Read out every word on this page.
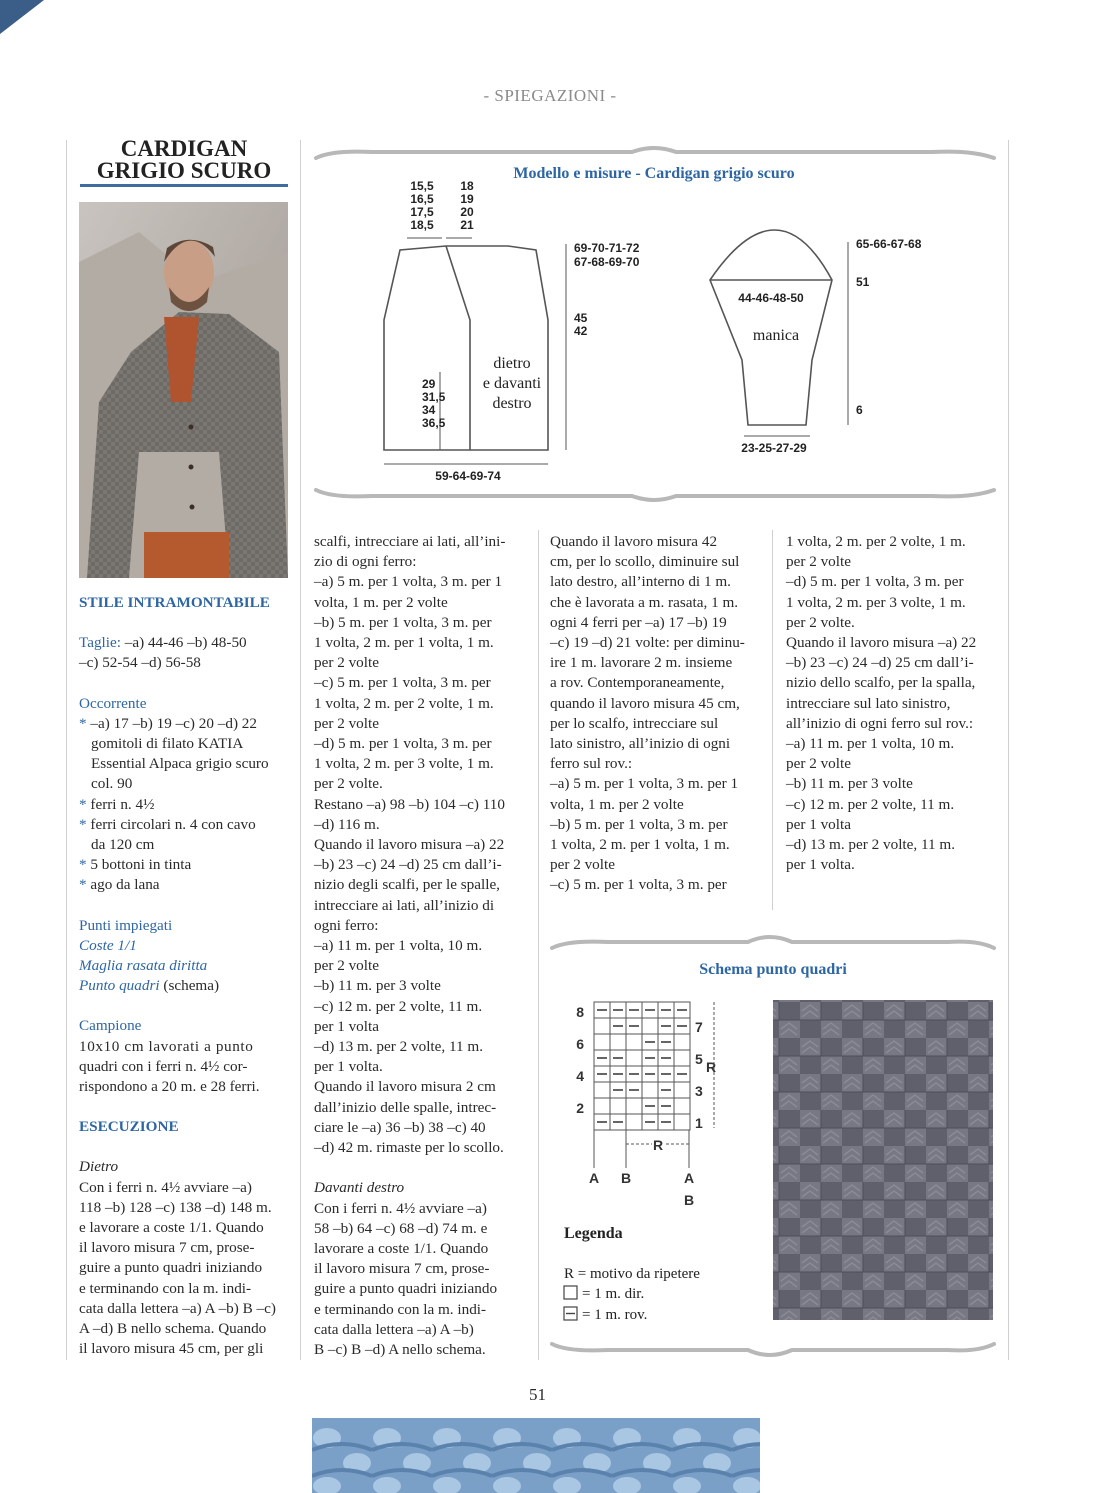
- SPIEGAZIONI -
CARDIGAN
GRIGIO SCURO

STILE INTRAMONTABILE

Taglie: –a) 44-46 –b) 48-50

–c) 52-54 –d) 56-58

Occorrente

* –a) 17 –b) 19 –c) 20 –d) 22

gomitoli di filato KATIA

Essential Alpaca grigio scuro

col. 90

* ferri n. 4½

* ferri circolari n. 4 con cavo

da 120 cm

* 5 bottoni in tinta

* ago da lana

Punti impiegati

Coste 1/1

Maglia rasata diritta

Punto quadri (schema)

Campione

10x10 cm lavorati a punto

quadri con i ferri n. 4½ cor-

rispondono a 20 m. e 28 ferri.

ESECUZIONE

Dietro

Con i ferri n. 4½ avviare –a)

118 –b) 128 –c) 138 –d) 148 m.

e lavorare a coste 1/1. Quando

il lavoro misura 7 cm, prose-

guire a punto quadri iniziando

e terminando con la m. indi-

cata dalla lettera –a) A –b) B –c)

A –d) B nello schema. Quando

il lavoro misura 45 cm, per gli

scalfi, intrecciare ai lati, all’ini-

zio di ogni ferro:

–a) 5 m. per 1 volta, 3 m. per 1

volta, 1 m. per 2 volte

–b) 5 m. per 1 volta, 3 m. per

1 volta, 2 m. per 1 volta, 1 m.

per 2 volte

–c) 5 m. per 1 volta, 3 m. per

1 volta, 2 m. per 2 volte, 1 m.

per 2 volte

–d) 5 m. per 1 volta, 3 m. per

1 volta, 2 m. per 3 volte, 1 m.

per 2 volte.

Restano –a) 98 –b) 104 –c) 110

–d) 116 m.

Quando il lavoro misura –a) 22

–b) 23 –c) 24 –d) 25 cm dall’i-

nizio degli scalfi, per le spalle,

intrecciare ai lati, all’inizio di

ogni ferro:

–a) 11 m. per 1 volta, 10 m.

per 2 volte

–b) 11 m. per 3 volte

–c) 12 m. per 2 volte, 11 m.

per 1 volta

–d) 13 m. per 2 volte, 11 m.

per 1 volta.

Quando il lavoro misura 2 cm

dall’inizio delle spalle, intrec-

ciare le –a) 36 –b) 38 –c) 40

–d) 42 m. rimaste per lo scollo.

Davanti destro

Con i ferri n. 4½ avviare –a)

58 –b) 64 –c) 68 –d) 74 m. e

lavorare a coste 1/1. Quando

il lavoro misura 7 cm, prose-

guire a punto quadri iniziando

e terminando con la m. indi-

cata dalla lettera –a) A –b)

B –c) B –d) A nello schema.

Quando il lavoro misura 42

cm, per lo scollo, diminuire sul

lato destro, all’interno di 1 m.

che è lavorata a m. rasata, 1 m.

ogni 4 ferri per –a) 17 –b) 19

–c) 19 –d) 21 volte: per diminu-

ire 1 m. lavorare 2 m. insieme

a rov. Contemporaneamente,

quando il lavoro misura 45 cm,

per lo scalfo, intrecciare sul

lato sinistro, all’inizio di ogni

ferro sul rov.:

–a) 5 m. per 1 volta, 3 m. per 1

volta, 1 m. per 2 volte

–b) 5 m. per 1 volta, 3 m. per

1 volta, 2 m. per 1 volta, 1 m.

per 2 volte

–c) 5 m. per 1 volta, 3 m. per

1 volta, 2 m. per 2 volte, 1 m.

per 2 volte

–d) 5 m. per 1 volta, 3 m. per

1 volta, 2 m. per 3 volte, 1 m.

per 2 volte.

Quando il lavoro misura –a) 22

–b) 23 –c) 24 –d) 25 cm dall’i-

nizio dello scalfo, per la spalla,

intrecciare sul lato sinistro,

all’inizio di ogni ferro sul rov.:

–a) 11 m. per 1 volta, 10 m.

per 2 volte

–b) 11 m. per 3 volte

–c) 12 m. per 2 volte, 11 m.

per 1 volta

–d) 13 m. per 2 volte, 11 m.

per 1 volta.

Modello e misure - Cardigan grigio scuro
15,5
16,5
17,5
18,5
18
19
20
21
69-70-71-72
67-68-69-70
45
42
29
31,5
34
36,5
dietro
e davanti
destro
59-64-69-74
65-66-67-68
51
44-46-48-50
manica
6
23-25-27-29
Schema punto quadri
8
6
4
2
7
5
3
1
R
R
A B	A
B
Legenda
R = motivo da ripetere
= 1 m. dir.
= 1 m. rov.
51
